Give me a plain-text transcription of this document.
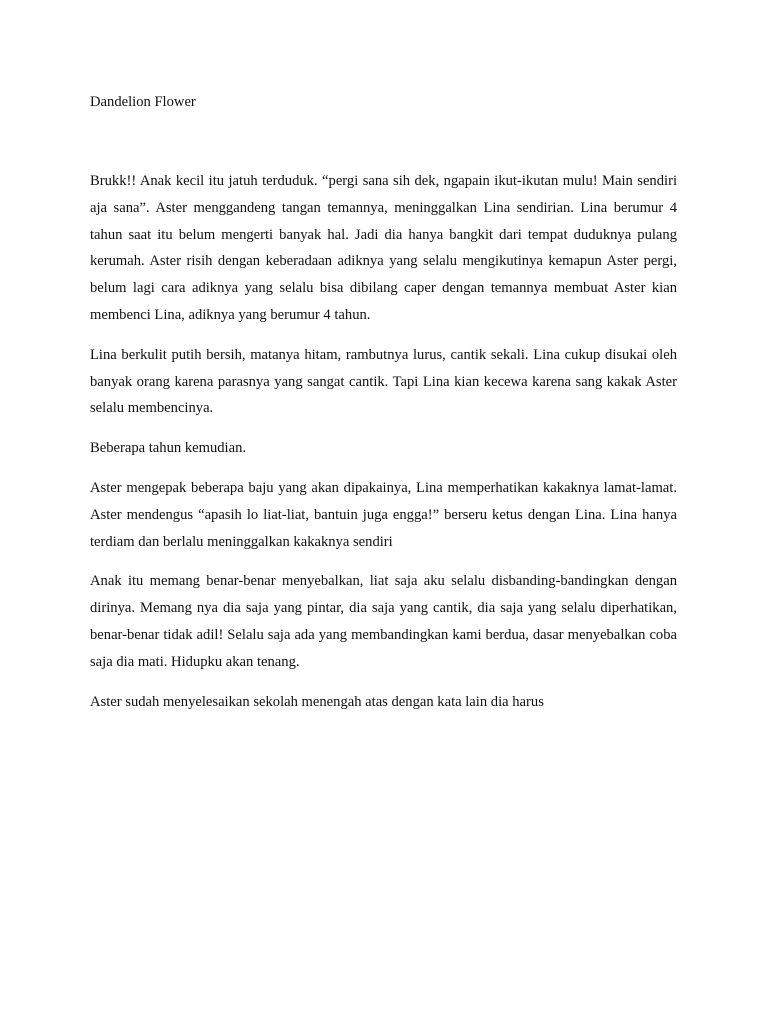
Dandelion Flower

Brukk!! Anak kecil itu jatuh terduduk. “pergi sana sih dek, ngapain ikut-ikutan mulu! Main sendiri aja sana”. Aster menggandeng tangan temannya, meninggalkan Lina sendirian. Lina berumur 4 tahun saat itu belum mengerti banyak hal. Jadi dia hanya bangkit dari tempat duduknya pulang kerumah. Aster risih dengan keberadaan adiknya yang selalu mengikutinya kemapun Aster pergi, belum lagi cara adiknya yang selalu bisa dibilang caper dengan temannya membuat Aster kian membenci Lina, adiknya yang berumur 4 tahun.

Lina berkulit putih bersih, matanya hitam, rambutnya lurus, cantik sekali. Lina cukup disukai oleh banyak orang karena parasnya yang sangat cantik. Tapi Lina kian kecewa karena sang kakak Aster selalu membencinya.

Beberapa tahun kemudian.

Aster mengepak beberapa baju yang akan dipakainya, Lina memperhatikan kakaknya lamat-lamat. Aster mendengus “apasih lo liat-liat, bantuin juga engga!” berseru ketus dengan Lina. Lina hanya terdiam dan berlalu meninggalkan kakaknya sendiri

Anak itu memang benar-benar menyebalkan, liat saja aku selalu disbanding-bandingkan dengan dirinya. Memang nya dia saja yang pintar, dia saja yang cantik, dia saja yang selalu diperhatikan, benar-benar tidak adil! Selalu saja ada yang membandingkan kami berdua, dasar menyebalkan coba saja dia mati. Hidupku akan tenang.

Aster sudah menyelesaikan sekolah menengah atas dengan kata lain dia harus
